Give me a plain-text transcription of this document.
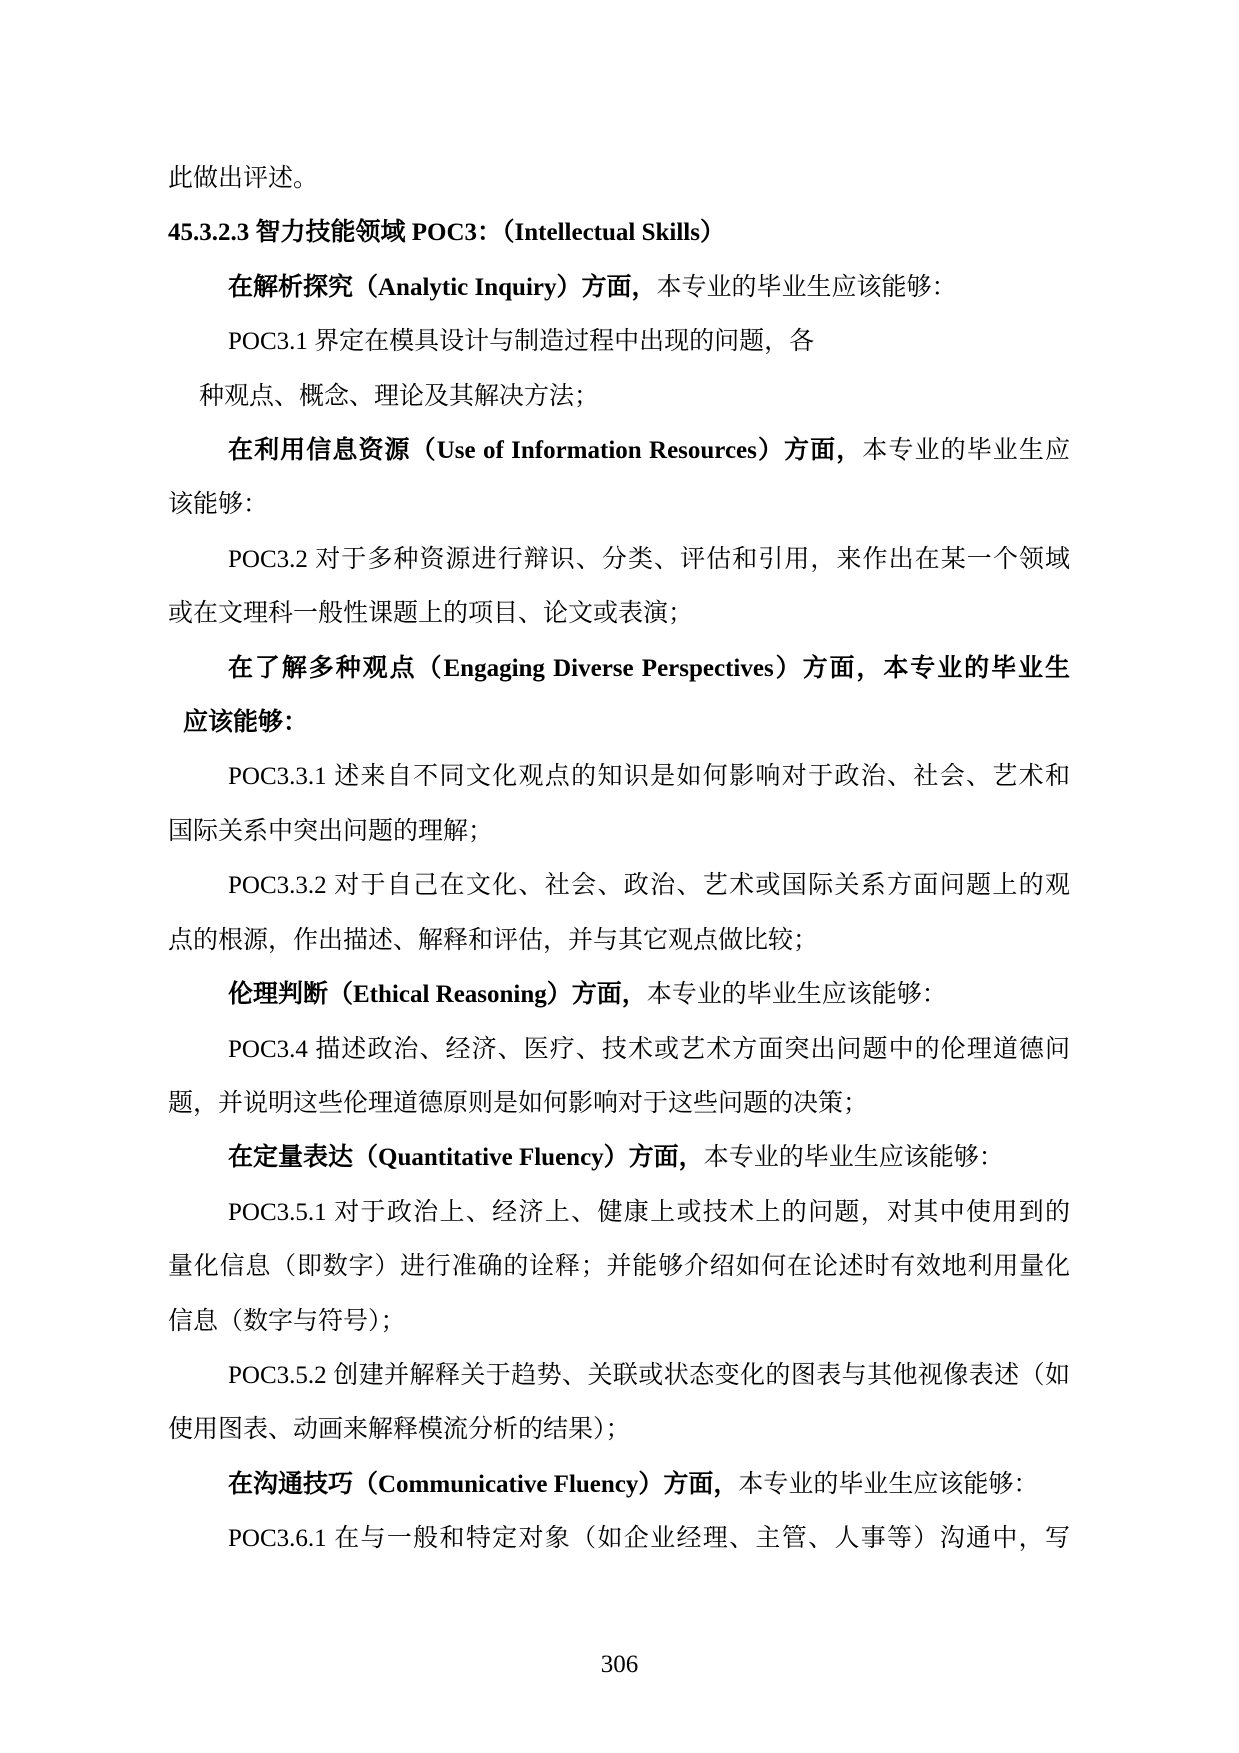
此做出评述。
45.3.2.3 智力技能领域 POC3：（Intellectual Skills）
在解析探究（Analytic Inquiry）方面，本专业的毕业生应该能够：
POC3.1 界定在模具设计与制造过程中出现的问题，各
种观点、概念、理论及其解决方法；
在利用信息资源（Use of Information Resources）方面，本专业的毕业生应
该能够：
POC3.2 对于多种资源进行辩识、分类、评估和引用，来作出在某一个领域
或在文理科一般性课题上的项目、论文或表演；
在了解多种观点（Engaging Diverse Perspectives）方面，本专业的毕业生
应该能够：
POC3.3.1 述来自不同文化观点的知识是如何影响对于政治、社会、艺术和
国际关系中突出问题的理解；
POC3.3.2 对于自己在文化、社会、政治、艺术或国际关系方面问题上的观
点的根源，作出描述、解释和评估，并与其它观点做比较；
伦理判断（Ethical Reasoning）方面，本专业的毕业生应该能够：
POC3.4 描述政治、经济、医疗、技术或艺术方面突出问题中的伦理道德问
题，并说明这些伦理道德原则是如何影响对于这些问题的决策；
在定量表达（Quantitative Fluency）方面，本专业的毕业生应该能够：
POC3.5.1 对于政治上、经济上、健康上或技术上的问题，对其中使用到的
量化信息（即数字）进行准确的诠释；并能够介绍如何在论述时有效地利用量化
信息（数字与符号）；
POC3.5.2 创建并解释关于趋势、关联或状态变化的图表与其他视像表述（如
使用图表、动画来解释模流分析的结果）；
在沟通技巧（Communicative Fluency）方面，本专业的毕业生应该能够：
POC3.6.1 在与一般和特定对象（如企业经理、主管、人事等）沟通中，写
306
